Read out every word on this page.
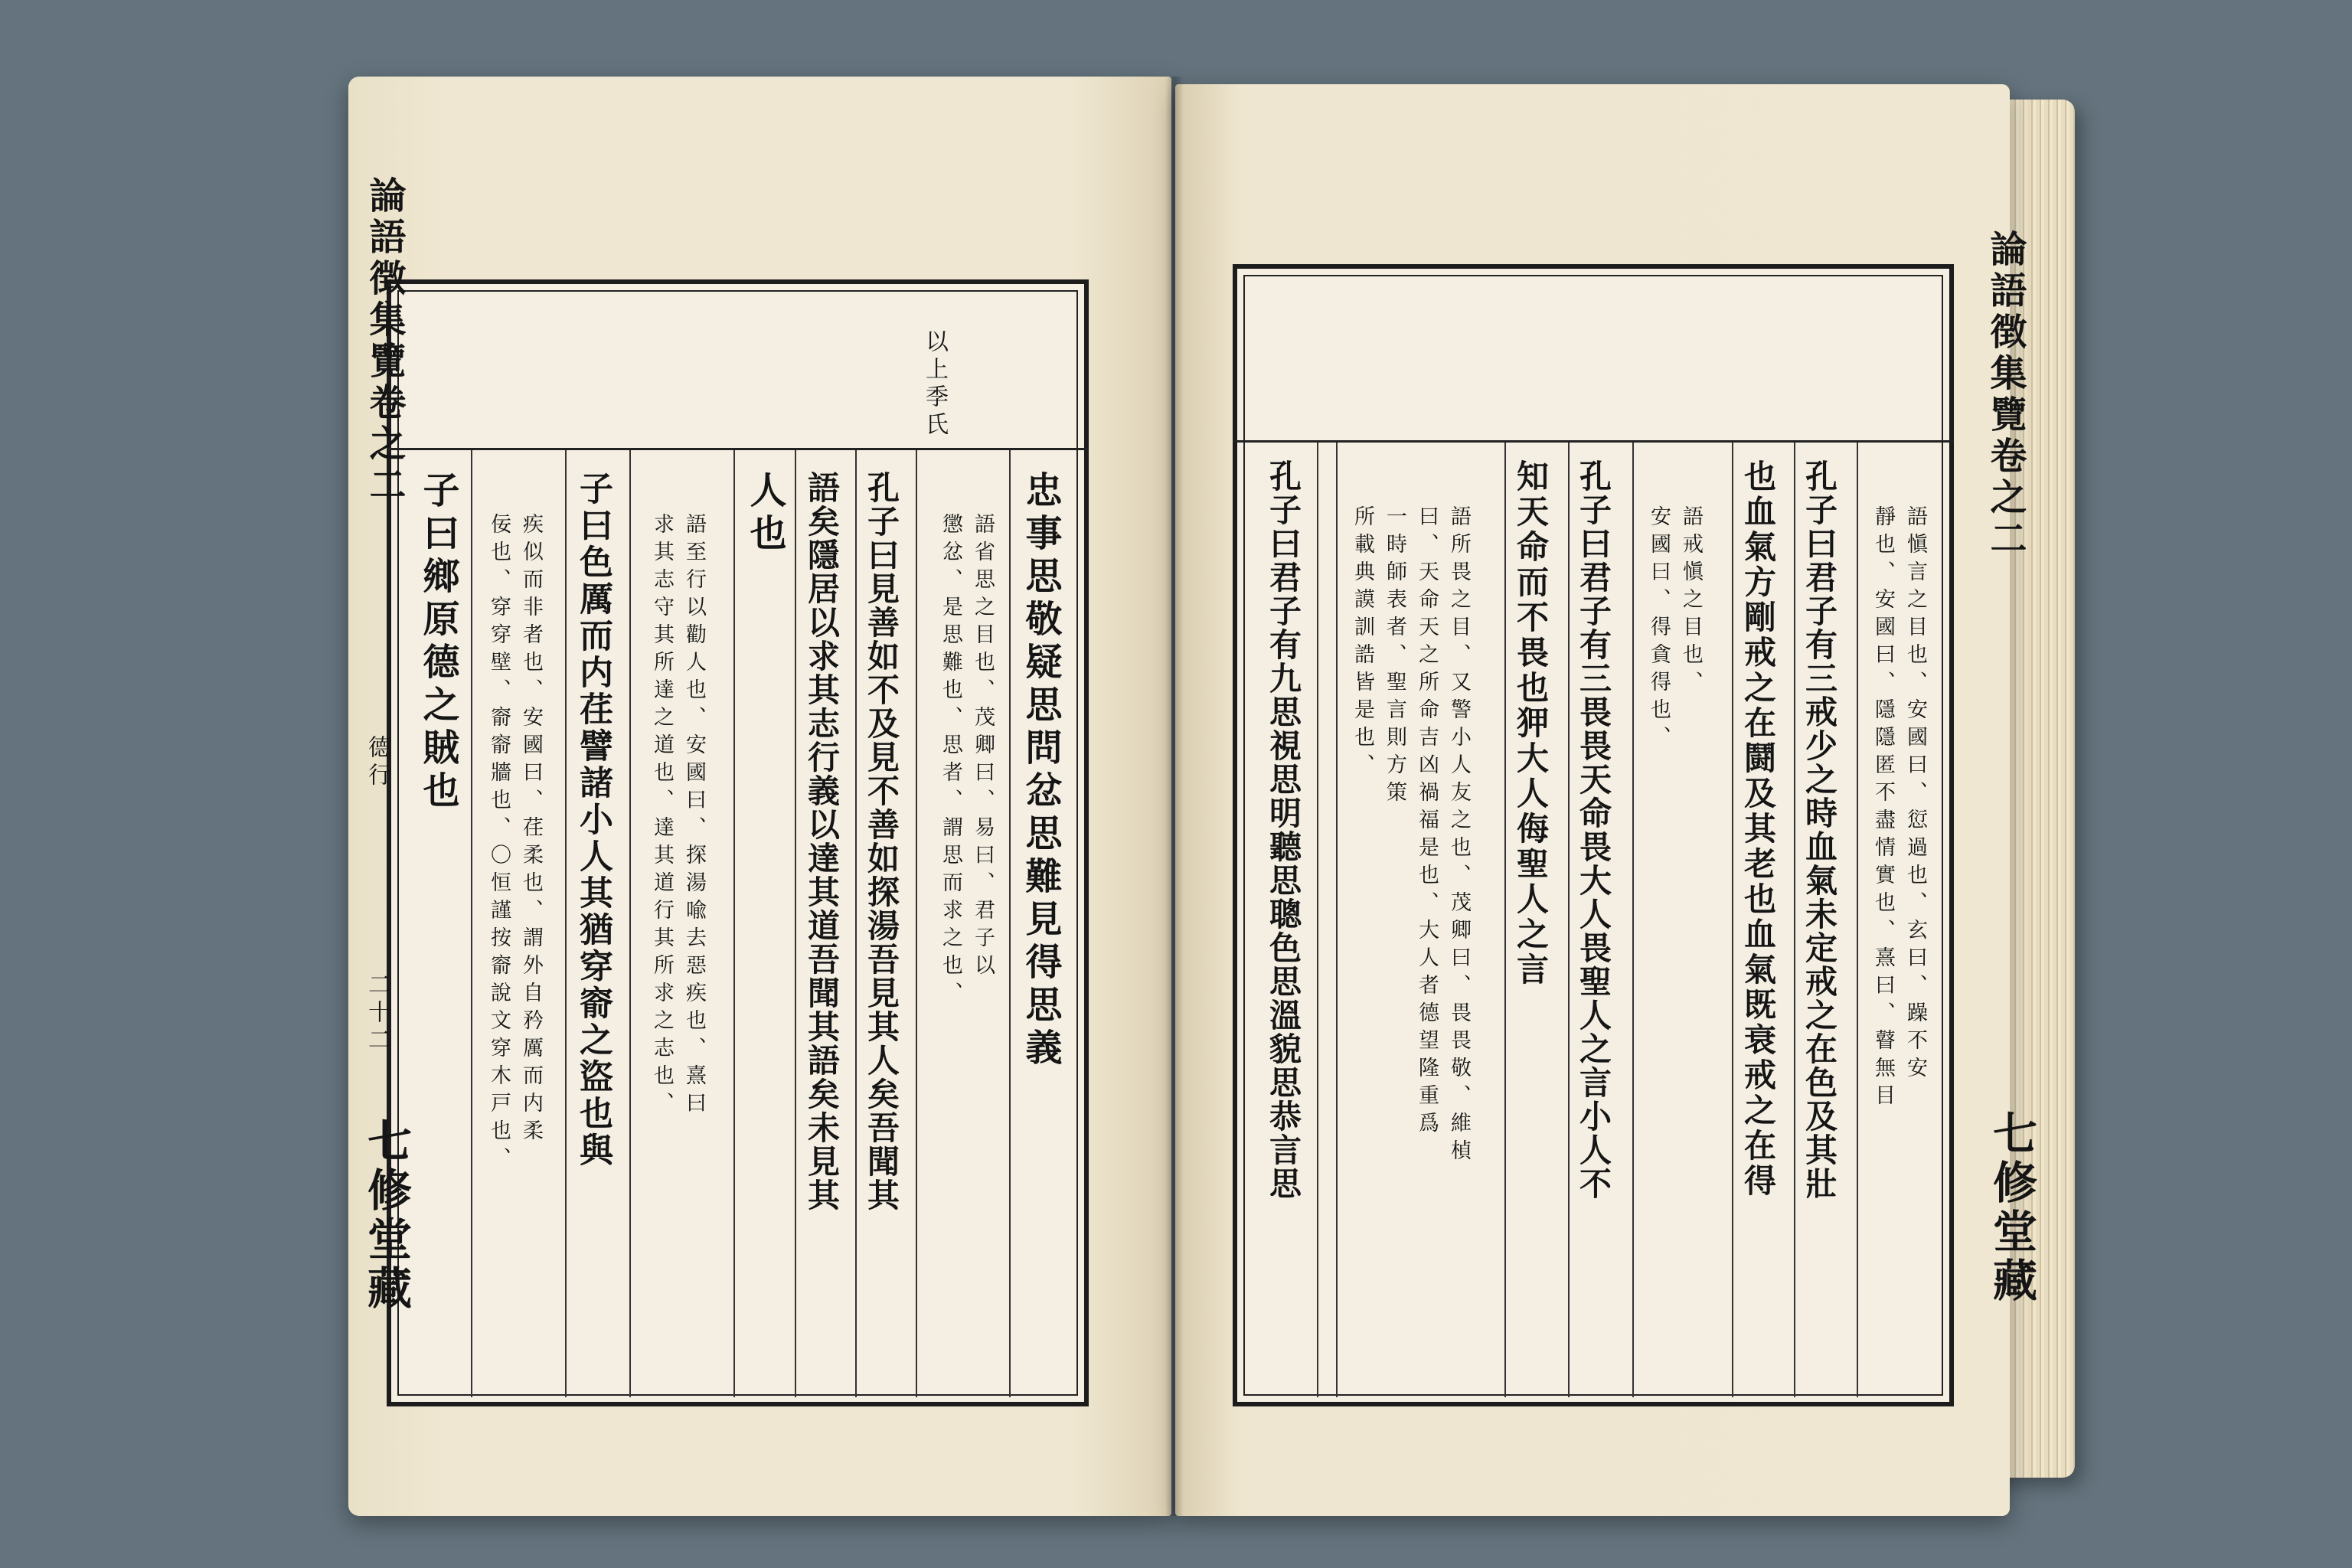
論語徴集覽卷之二
德行
二十二
七修堂藏
以上季氏
忠事思敬疑思問忿思難見得思義
語省思之目也、茂卿曰、易曰、君子以
懲忿、是思難也、思者、謂思而求之也、
孔子曰見善如不及見不善如探湯吾見其人矣吾聞其
語矣隱居以求其志行義以達其道吾聞其語矣未見其
人也
語至行以勸人也、安國曰、探湯喩去惡疾也、熹曰
求其志守其所達之道也、達其道行其所求之志也、
子曰色厲而内荏譬諸小人其猶穿窬之盜也與
疾似而非者也、安國曰、荏柔也、謂外自矜厲而内柔
佞也、穿穿壁、窬窬牆也、〇恒謹按窬說文穿木戸也、
子曰鄉原德之賊也
論語徴集覽卷之二
七修堂藏
語愼言之目也、安國曰、愆過也、玄曰、躁不安
靜也、安國曰、隱隱匿不盡情實也、熹曰、瞽無目
孔子曰君子有三戒少之時血氣未定戒之在色及其壯
也血氣方剛戒之在鬪及其老也血氣既衰戒之在得
語戒愼之目也、
安國曰、得貪得也、
孔子曰君子有三畏畏天命畏大人畏聖人之言小人不
知天命而不畏也狎大人侮聖人之言
語所畏之目、又警小人友之也、茂卿曰、畏畏敬、維楨
曰、天命天之所命吉凶禍福是也、大人者德望隆重爲
一時師表者、聖言則方策
所載典謨訓誥皆是也、
孔子曰君子有九思視思明聽思聰色思溫貌思恭言思
